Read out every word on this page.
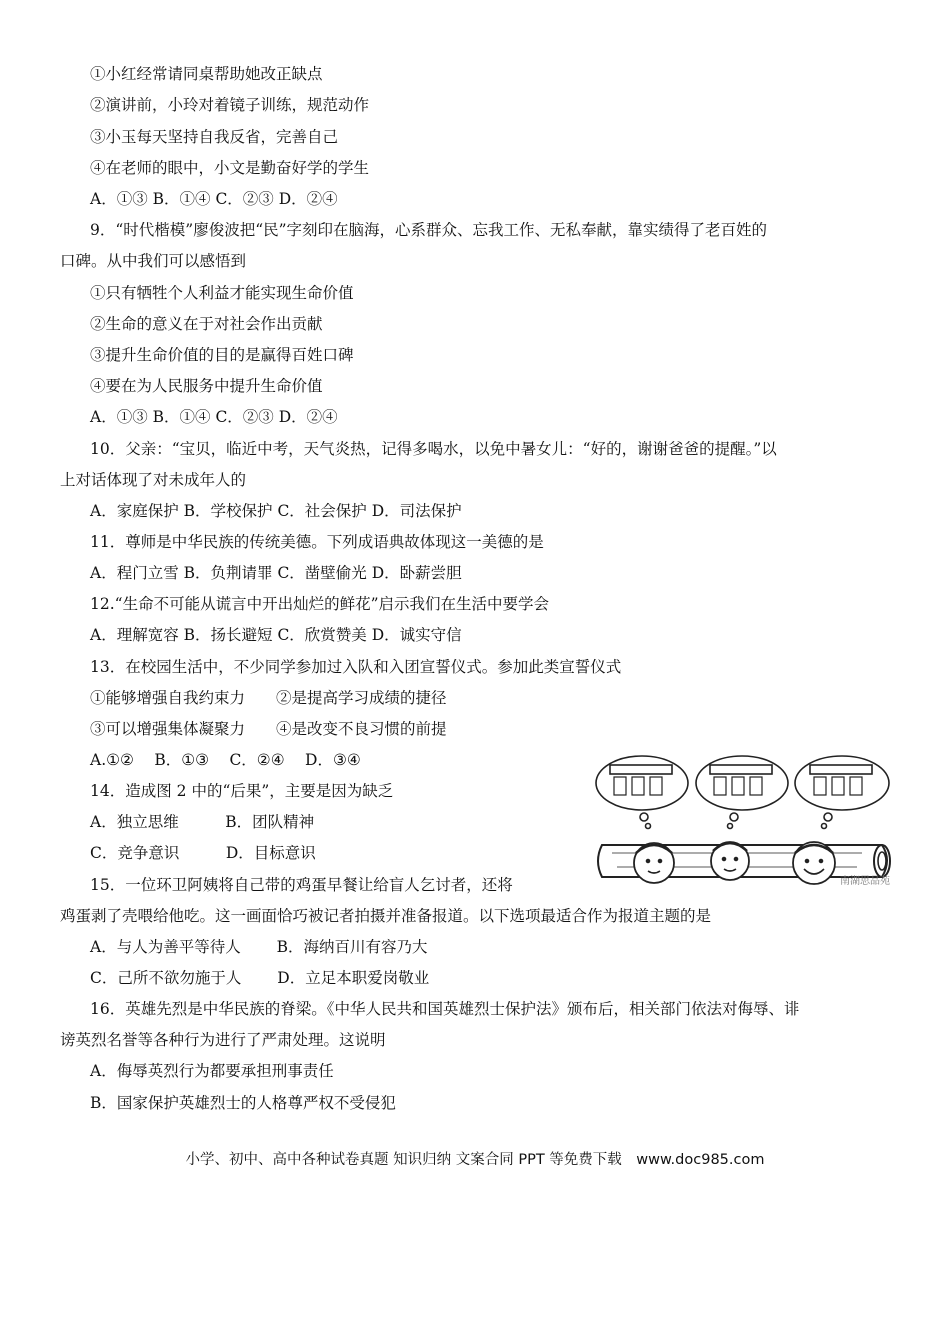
①小红经常请同桌帮助她改正缺点
②演讲前，小玲对着镜子训练，规范动作
③小玉每天坚持自我反省，完善自己
④在老师的眼中，小文是勤奋好学的学生
A．①③ B．①④ C．②③ D．②④
9．“时代楷模”廖俊波把“民”字刻印在脑海，心系群众、忘我工作、无私奉献，靠实绩得了老百姓的
口碑。从中我们可以感悟到
①只有牺牲个人利益才能实现生命价值
②生命的意义在于对社会作出贡献
③提升生命价值的目的是赢得百姓口碑
④要在为人民服务中提升生命价值
A．①③ B．①④ C．②③ D．②④
10．父亲：“宝贝，临近中考，天气炎热，记得多喝水，以免中暑女儿：“好的，谢谢爸爸的提醒。”以
上对话体现了对未成年人的
A．家庭保护 B．学校保护 C．社会保护 D．司法保护
11．尊师是中华民族的传统美德。下列成语典故体现这一美德的是
A．程门立雪 B．负荆请罪 C．凿壁偷光 D．卧薪尝胆
12.“生命不可能从谎言中开出灿烂的鲜花”启示我们在生活中要学会
A．理解宽容 B．扬长避短 C．欣赏赞美 D．诚实守信
13．在校园生活中，不少同学参加过入队和入团宣誓仪式。参加此类宣誓仪式
①能够增强自我约束力　　②是提高学习成绩的捷径
③可以增强集体凝聚力　　④是改变不良习惯的前提
A.①②　 B．①③　 C．②④　 D．③④
14．造成图 2 中的“后果”，主要是因为缺乏
A．独立思维　　　B．团队精神
C．竞争意识　　　D．目标意识
15．一位环卫阿姨将自己带的鸡蛋早餐让给盲人乞讨者，还将
鸡蛋剥了壳喂给他吃。这一画面恰巧被记者拍摄并准备报道。以下选项最适合作为报道主题的是
A．与人为善平等待人　　 B．海纳百川有容乃大
C．己所不欲勿施于人　　 D．立足本职爱岗敬业
16．英雄先烈是中华民族的脊梁。《中华人民共和国英雄烈士保护法》颁布后，相关部门依法对侮辱、诽
谤英烈名誉等各种行为进行了严肃处理。这说明
A．侮辱英烈行为都要承担刑事责任
B．国家保护英雄烈士的人格尊严权不受侵犯
南湖思品苑
小学、初中、高中各种试卷真题 知识归纳 文案合同 PPT 等免费下载　www.doc985.com
